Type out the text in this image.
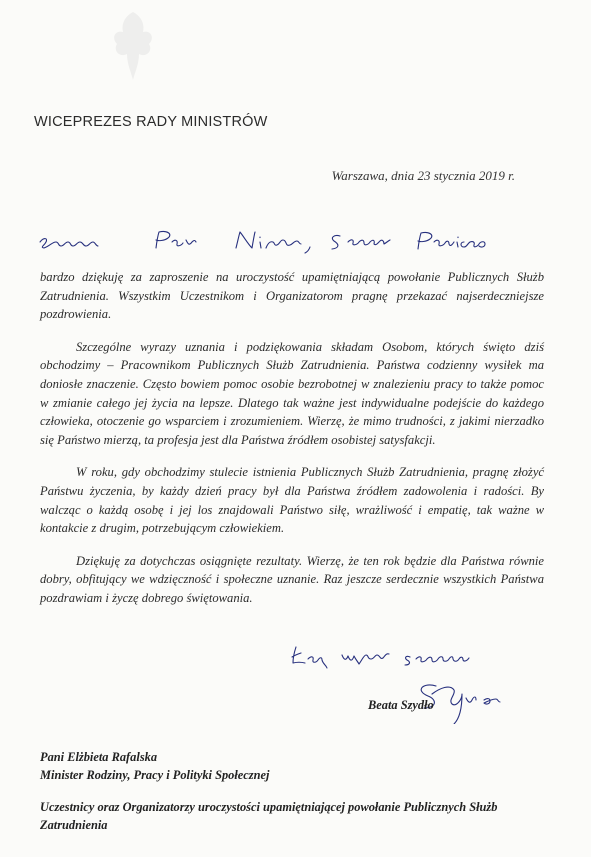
WICEPREZES RADY MINISTRÓW
Warszawa, dnia 23 stycznia 2019 r.

bardzo dziękuję za zaproszenie na uroczystość upamiętniającą powołanie Publicznych Służb Zatrudnienia. Wszystkim Uczestnikom i Organizatorom pragnę przekazać najserdeczniejsze pozdrowienia.

Szczególne wyrazy uznania i podziękowania składam Osobom, których święto dziś obchodzimy – Pracownikom Publicznych Służb Zatrudnienia. Państwa codzienny wysiłek ma doniosłe znaczenie. Często bowiem pomoc osobie bezrobotnej w znalezieniu pracy to także pomoc w zmianie całego jej życia na lepsze. Dlatego tak ważne jest indywidualne podejście do każdego człowieka, otoczenie go wsparciem i zrozumieniem. Wierzę, że mimo trudności, z jakimi nierzadko się Państwo mierzą, ta profesja jest dla Państwa źródłem osobistej satysfakcji.

W roku, gdy obchodzimy stulecie istnienia Publicznych Służb Zatrudnienia, pragnę złożyć Państwu życzenia, by każdy dzień pracy był dla Państwa źródłem zadowolenia i radości. By walcząc o każdą osobę i jej los znajdowali Państwo siłę, wrażliwość i empatię, tak ważne w kontakcie z drugim, potrzebującym człowiekiem.

Dziękuję za dotychczas osiągnięte rezultaty. Wierzę, że ten rok będzie dla Państwa równie dobry, obfitujący we wdzięczność i społeczne uznanie. Raz jeszcze serdecznie wszystkich Państwa pozdrawiam i życzę dobrego świętowania.

Beata Szydło
Pani Elżbieta Rafalska
Minister Rodziny, Pracy i Polityki Społecznej
Uczestnicy oraz Organizatorzy uroczystości upamiętniającej powołanie Publicznych Służb Zatrudnienia
